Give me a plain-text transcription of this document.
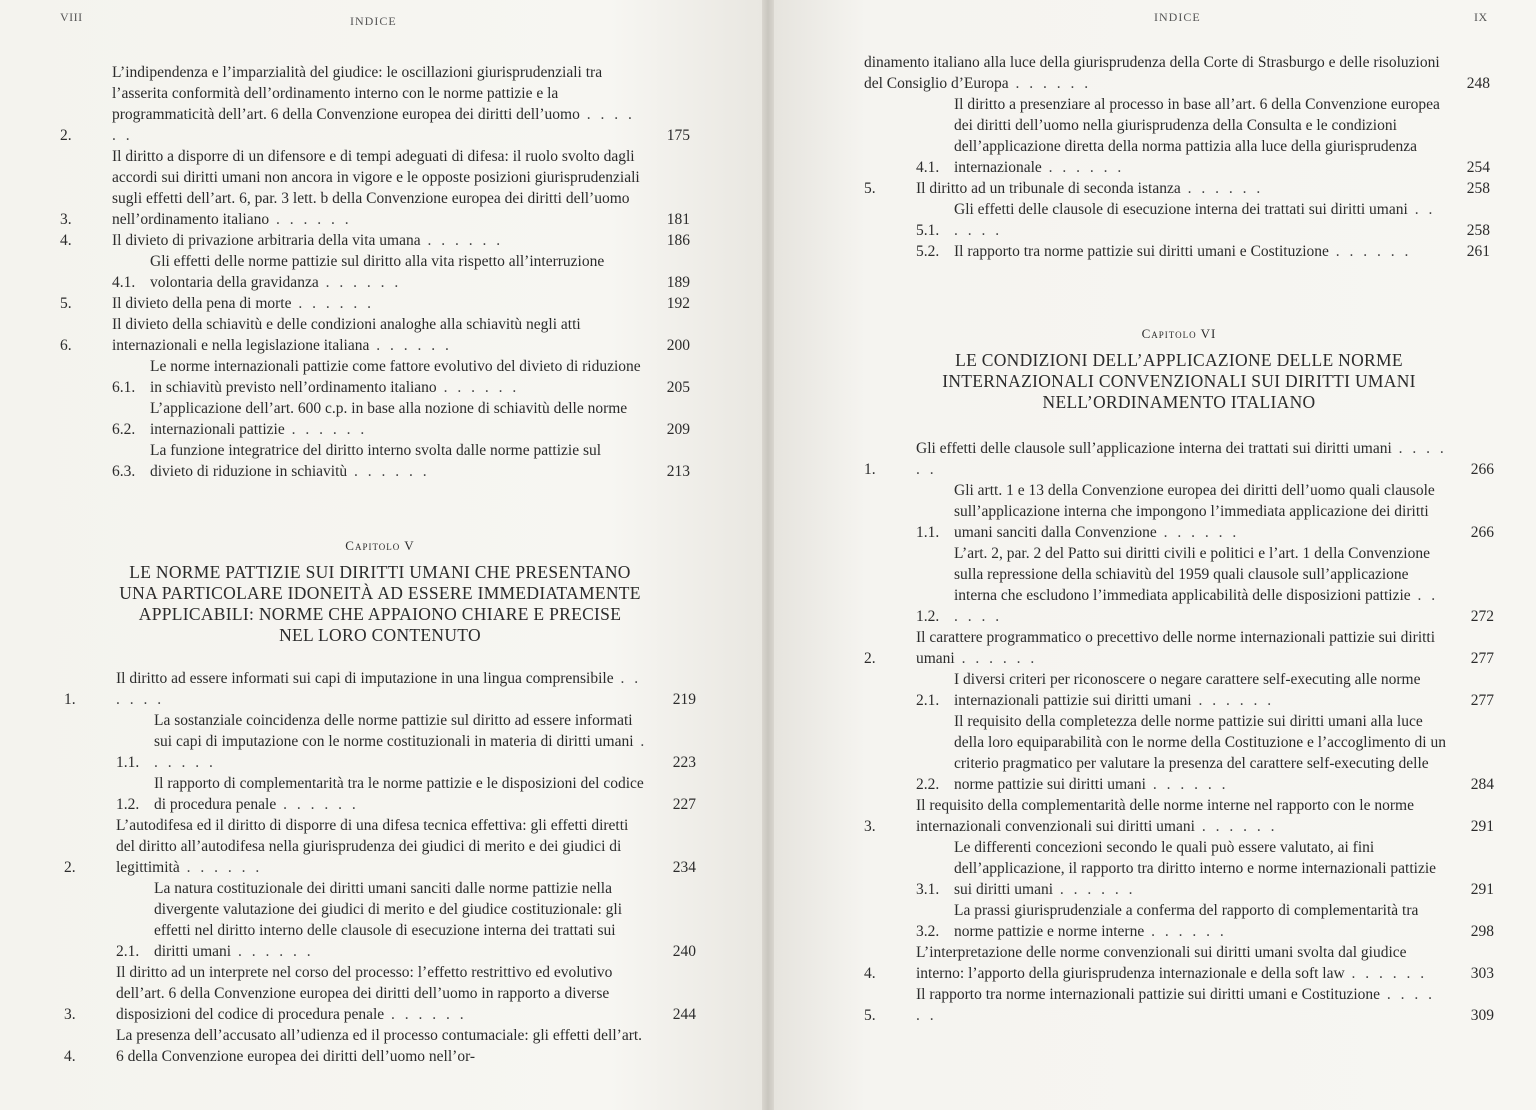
VIII	INDICE
2.
L’indipendenza e l’imparzialità del giudice: le oscillazioni giurisprudenziali tra l’asserita conformità dell’ordinamento interno con le norme pattizie e la programmaticità dell’art. 6 della Convenzione europea dei diritti dell’uomo . . . . . .	175
3.
Il diritto a disporre di un difensore e di tempi adeguati di difesa: il ruolo svolto dagli accordi sui diritti umani non ancora in vigore e le opposte posizioni giurisprudenziali sugli effetti dell’art. 6, par. 3 lett. b della Convenzione europea dei diritti dell’uomo nell’ordinamento italiano . . . . . .	181
4.	Il divieto di privazione arbitraria della vita umana . . . . . .	186
4.1.
Gli effetti delle norme pattizie sul diritto alla vita rispetto all’interruzione volontaria della gravidanza . . . . . .	189
5.	Il divieto della pena di morte . . . . . .	192
6.
Il divieto della schiavitù e delle condizioni analoghe alla schiavitù negli atti internazionali e nella legislazione italiana . . . . . .	200
6.1.
Le norme internazionali pattizie come fattore evolutivo del divieto di riduzione in schiavitù previsto nell’ordinamento italiano . . . . . .	205
6.2.
L’applicazione dell’art. 600 c.p. in base alla nozione di schiavitù delle norme internazionali pattizie . . . . . .	209
6.3.
La funzione integratrice del diritto interno svolta dalle norme pattizie sul divieto di riduzione in schiavitù . . . . . .	213
Capitolo V
LE NORME PATTIZIE SUI DIRITTI UMANI CHE PRESENTANO
UNA PARTICOLARE IDONEITÀ AD ESSERE IMMEDIATAMENTE
APPLICABILI: NORME CHE APPAIONO CHIARE E PRECISE
NEL LORO CONTENUTO
1.
Il diritto ad essere informati sui capi di imputazione in una lingua comprensibile . . . . . .	219
1.1.
La sostanziale coincidenza delle norme pattizie sul diritto ad essere informati sui capi di imputazione con le norme costituzionali in materia di diritti umani . . . . . .	223
1.2.
Il rapporto di complementarità tra le norme pattizie e le disposizioni del codice di procedura penale . . . . . .	227
2.
L’autodifesa ed il diritto di disporre di una difesa tecnica effettiva: gli effetti diretti del diritto all’autodifesa nella giurisprudenza dei giudici di merito e dei giudici di legittimità . . . . . .	234
2.1.
La natura costituzionale dei diritti umani sanciti dalle norme pattizie nella divergente valutazione dei giudici di merito e del giudice costituzionale: gli effetti nel diritto interno delle clausole di esecuzione interna dei trattati sui diritti umani . . . . . .	240
3.
Il diritto ad un interprete nel corso del processo: l’effetto restrittivo ed evolutivo dell’art. 6 della Convenzione europea dei diritti dell’uomo in rapporto a diverse disposizioni del codice di procedura penale . . . . . .	244
4.
La presenza dell’accusato all’udienza ed il processo contumaciale: gli effetti dell’art. 6 della Convenzione europea dei diritti dell’uomo nell’or-
INDICE	IX
dinamento italiano alla luce della giurisprudenza della Corte di Strasburgo e delle risoluzioni del Consiglio d’Europa . . . . . .	248
4.1.
Il diritto a presenziare al processo in base all’art. 6 della Convenzione europea dei diritti dell’uomo nella giurisprudenza della Consulta e le condizioni dell’applicazione diretta della norma pattizia alla luce della giurisprudenza internazionale . . . . . .	254
5.	Il diritto ad un tribunale di seconda istanza . . . . . .	258
5.1.
Gli effetti delle clausole di esecuzione interna dei trattati sui diritti umani . . . . . .	258
5.2. Il rapporto tra norme pattizie sui diritti umani e Costituzione . . . . . .	261
Capitolo VI
LE CONDIZIONI DELL’APPLICAZIONE DELLE NORME
INTERNAZIONALI CONVENZIONALI SUI DIRITTI UMANI
NELL’ORDINAMENTO ITALIANO
1.
Gli effetti delle clausole sull’applicazione interna dei trattati sui diritti umani . . . . . .	266
1.1.
Gli artt. 1 e 13 della Convenzione europea dei diritti dell’uomo quali clausole sull’applicazione interna che impongono l’immediata applicazione dei diritti umani sanciti dalla Convenzione . . . . . .	266
1.2.
L’art. 2, par. 2 del Patto sui diritti civili e politici e l’art. 1 della Convenzione sulla repressione della schiavitù del 1959 quali clausole sull’applicazione interna che escludono l’immediata applicabilità delle disposizioni pattizie . . . . . .	272
2.
Il carattere programmatico o precettivo delle norme internazionali pattizie sui diritti umani . . . . . .	277
2.1.
I diversi criteri per riconoscere o negare carattere self-executing alle norme internazionali pattizie sui diritti umani . . . . . .	277
2.2.
Il requisito della completezza delle norme pattizie sui diritti umani alla luce della loro equiparabilità con le norme della Costituzione e l’accoglimento di un criterio pragmatico per valutare la presenza del carattere self-executing delle norme pattizie sui diritti umani . . . . . .	284
3.
Il requisito della complementarità delle norme interne nel rapporto con le norme internazionali convenzionali sui diritti umani . . . . . .	291
3.1.
Le differenti concezioni secondo le quali può essere valutato, ai fini dell’applicazione, il rapporto tra diritto interno e norme internazionali pattizie sui diritti umani . . . . . .	291
3.2.
La prassi giurisprudenziale a conferma del rapporto di complementarità tra norme pattizie e norme interne . . . . . .	298
4.
L’interpretazione delle norme convenzionali sui diritti umani svolta dal giudice interno: l’apporto della giurisprudenza internazionale e della soft law . . . . . .	303
5.
Il rapporto tra norme internazionali pattizie sui diritti umani e Costituzione . . . . . .	309
